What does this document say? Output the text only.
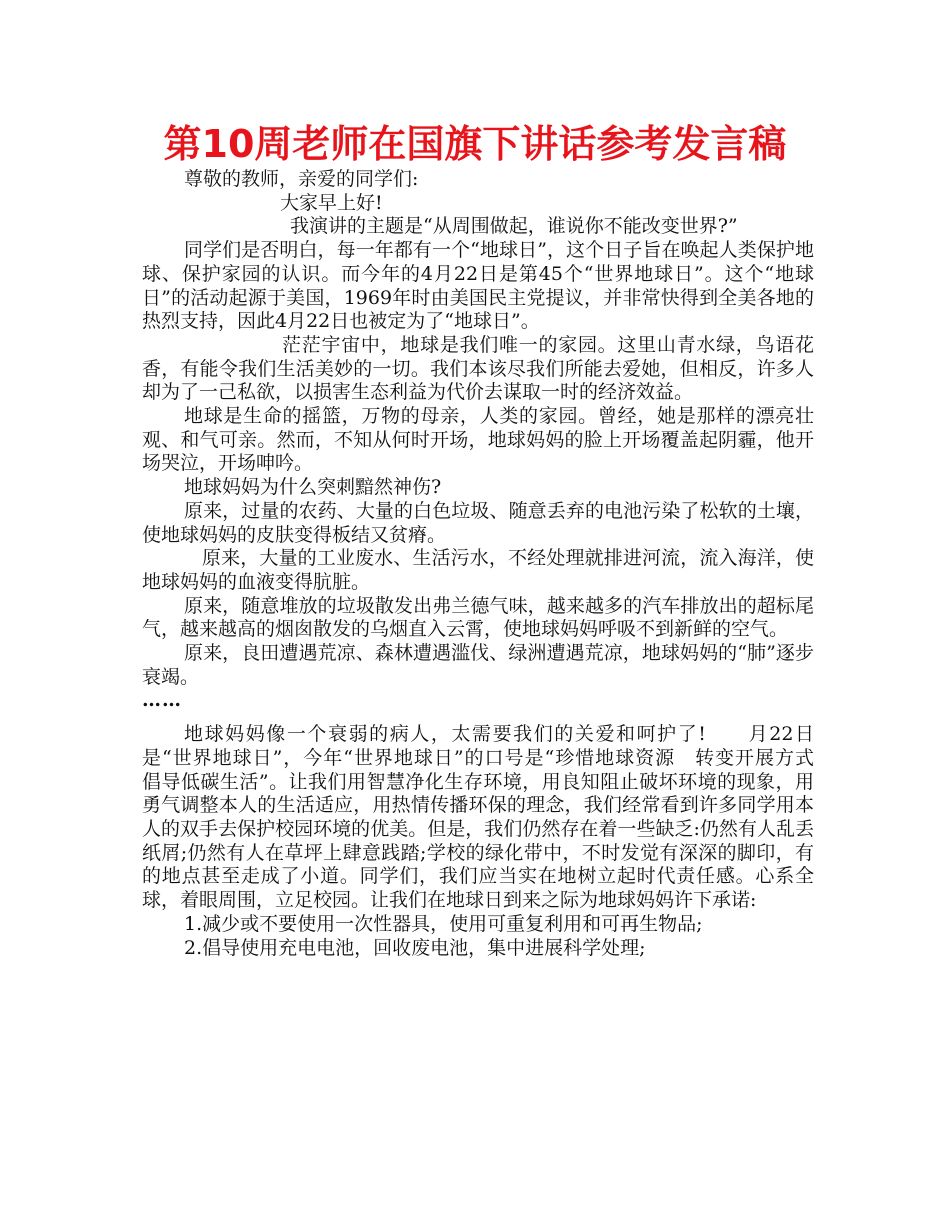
第10周老师在国旗下讲话参考发言稿

尊敬的教师，亲爱的同学们:

大家早上好!

我演讲的主题是“从周围做起，谁说你不能改变世界?”

同学们是否明白，每一年都有一个“地球日”，这个日子旨在唤起人类保护地球、保护家园的认识。而今年的4月22日是第45个“世界地球日”。这个“地球日”的活动起源于美国，1969年时由美国民主党提议，并非常快得到全美各地的热烈支持，因此4月22日也被定为了“地球日”。

茫茫宇宙中，地球是我们唯一的家园。这里山青水绿，鸟语花香，有能令我们生活美妙的一切。我们本该尽我们所能去爱她，但相反，许多人却为了一己私欲，以损害生态利益为代价去谋取一时的经济效益。

地球是生命的摇篮，万物的母亲，人类的家园。曾经，她是那样的漂亮壮观、和气可亲。然而，不知从何时开场，地球妈妈的脸上开场覆盖起阴霾，他开场哭泣，开场呻吟。

地球妈妈为什么突刺黯然神伤?

原来，过量的农药、大量的白色垃圾、随意丢弃的电池污染了松软的土壤，使地球妈妈的皮肤变得板结又贫瘠。

原来，大量的工业废水、生活污水，不经处理就排进河流，流入海洋，使地球妈妈的血液变得肮脏。

原来，随意堆放的垃圾散发出弗兰德气味，越来越多的汽车排放出的超标尾气，越来越高的烟囱散发的乌烟直入云霄，使地球妈妈呼吸不到新鲜的空气。

原来，良田遭遇荒凉、森林遭遇滥伐、绿洲遭遇荒凉，地球妈妈的“肺”逐步衰竭。

……

地球妈妈像一个衰弱的病人，太需要我们的关爱和呵护了!　　月22日是“世界地球日”，今年“世界地球日”的口号是“珍惜地球资源　转变开展方式　倡导低碳生活”。让我们用智慧净化生存环境，用良知阻止破坏环境的现象，用勇气调整本人的生活适应，用热情传播环保的理念，我们经常看到许多同学用本人的双手去保护校园环境的优美。但是，我们仍然存在着一些缺乏:仍然有人乱丢纸屑;仍然有人在草坪上肆意践踏;学校的绿化带中，不时发觉有深深的脚印，有的地点甚至走成了小道。同学们，我们应当实在地树立起时代责任感。心系全球，着眼周围，立足校园。让我们在地球日到来之际为地球妈妈许下承诺:

1.减少或不要使用一次性器具，使用可重复利用和可再生物品;

2.倡导使用充电电池，回收废电池，集中进展科学处理;
